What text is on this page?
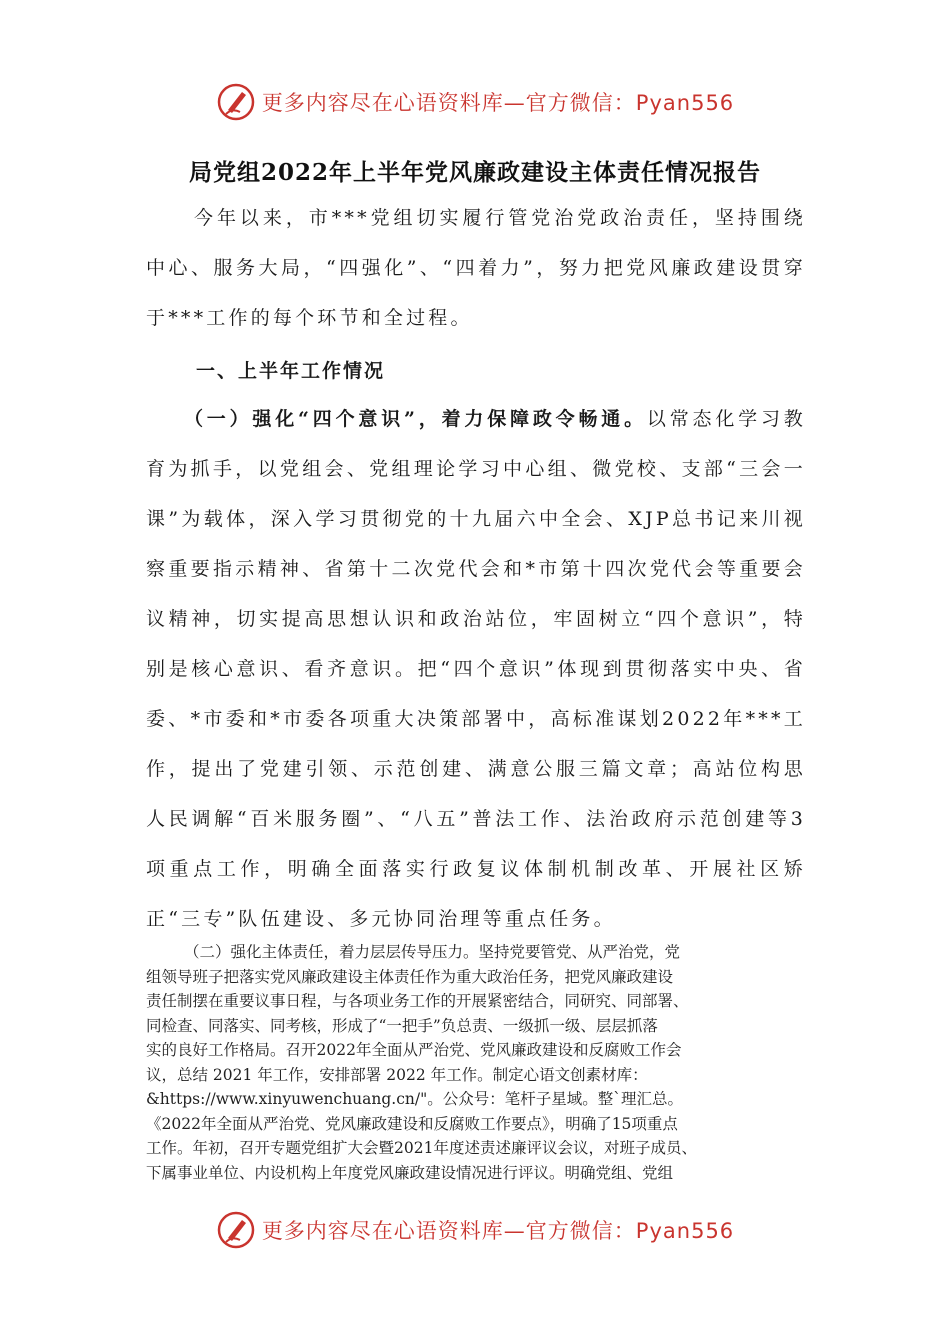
更多内容尽在心语资料库—官方微信：Pyan556
局党组2022年上半年党风廉政建设主体责任情况报告
今年以来，市***党组切实履行管党治党政治责任，坚持围绕中心、服务大局，“四强化”、“四着力”，努力把党风廉政建设贯穿于***工作的每个环节和全过程。
一、上半年工作情况
（一）强化“四个意识”，着力保障政令畅通。以常态化学习教育为抓手，以党组会、党组理论学习中心组、微党校、支部“三会一课”为载体，深入学习贯彻党的十九届六中全会、XJP总书记来川视察重要指示精神、省第十二次党代会和*市第十四次党代会等重要会议精神，切实提高思想认识和政治站位，牢固树立“四个意识”，特别是核心意识、看齐意识。把“四个意识”体现到贯彻落实中央、省委、*市委和*市委各项重大决策部署中，高标准谋划2022年***工作，提出了党建引领、示范创建、满意公服三篇文章；高站位构思人民调解“百米服务圈”、“八五”普法工作、法治政府示范创建等3项重点工作，明确全面落实行政复议体制机制改革、开展社区矫正“三专”队伍建设、多元协同治理等重点任务。
（二）强化主体责任，着力层层传导压力。坚持党要管党、从严治党，党
组领导班子把落实党风廉政建设主体责任作为重大政治任务，把党风廉政建设
责任制摆在重要议事日程，与各项业务工作的开展紧密结合，同研究、同部署、
同检查、同落实、同考核，形成了“一把手”负总责、一级抓一级、层层抓落
实的良好工作格局。召开2022年全面从严治党、党风廉政建设和反腐败工作会
议，总结 2021 年工作，安排部署 2022 年工作。制定心语文创素材库：
&https://www.xinyuwenchuang.cn/"。公众号：笔杆子星域。整`理汇总。
《2022年全面从严治党、党风廉政建设和反腐败工作要点》，明确了15项重点
工作。年初，召开专题党组扩大会暨2021年度述责述廉评议会议，对班子成员、
下属事业单位、内设机构上年度党风廉政建设情况进行评议。明确党组、党组
更多内容尽在心语资料库—官方微信：Pyan556
